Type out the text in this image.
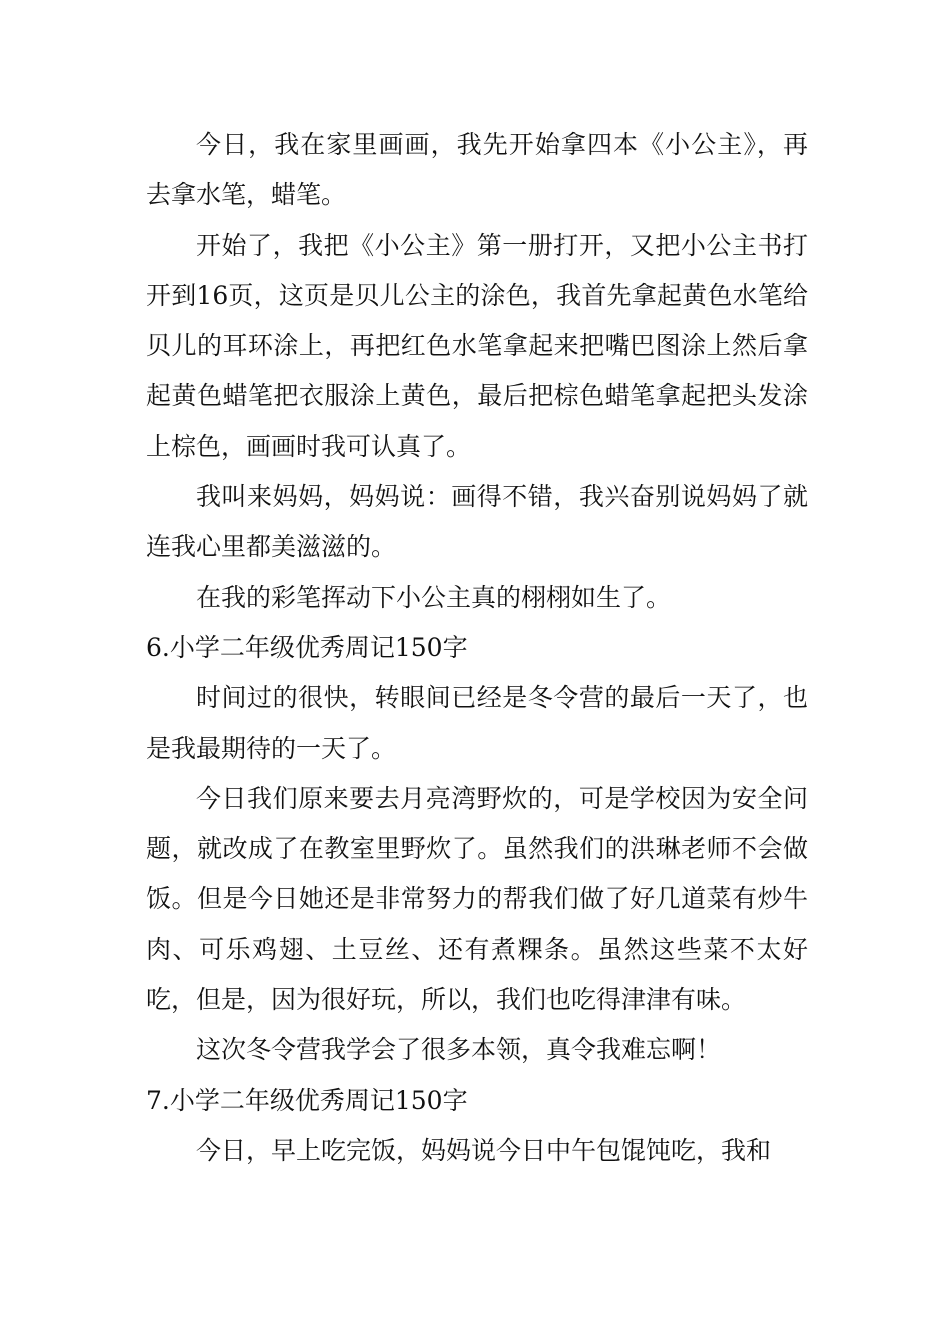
今日，我在家里画画，我先开始拿四本《小公主》，再去拿水笔，蜡笔。

开始了，我把《小公主》第一册打开，又把小公主书打开到16页，这页是贝儿公主的涂色，我首先拿起黄色水笔给贝儿的耳环涂上，再把红色水笔拿起来把嘴巴图涂上然后拿起黄色蜡笔把衣服涂上黄色，最后把棕色蜡笔拿起把头发涂上棕色，画画时我可认真了。

我叫来妈妈，妈妈说：画得不错，我兴奋别说妈妈了就连我心里都美滋滋的。

在我的彩笔挥动下小公主真的栩栩如生了。

6.小学二年级优秀周记150字

时间过的很快，转眼间已经是冬令营的最后一天了，也是我最期待的一天了。

今日我们原来要去月亮湾野炊的，可是学校因为安全问题，就改成了在教室里野炊了。虽然我们的洪琳老师不会做饭。但是今日她还是非常努力的帮我们做了好几道菜有炒牛肉、可乐鸡翅、土豆丝、还有煮粿条。虽然这些菜不太好吃，但是，因为很好玩，所以，我们也吃得津津有味。

这次冬令营我学会了很多本领，真令我难忘啊！

7.小学二年级优秀周记150字

今日，早上吃完饭，妈妈说今日中午包馄饨吃，我和
